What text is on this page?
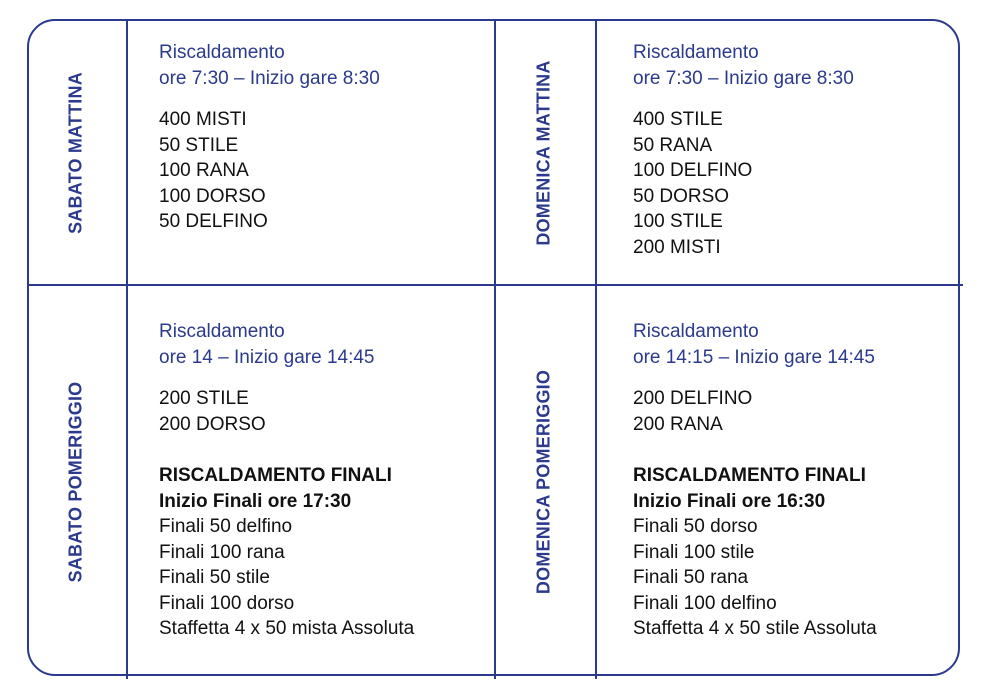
SABATO MATTINA	DOMENICA MATTINA
SABATO POMERIGGIO	DOMENICA POMERIGGIO
Riscaldamento
ore 7:30 – Inizio gare 8:30
400 MISTI
50 STILE
100 RANA
100 DORSO
50 DELFINO
Riscaldamento
ore 7:30 – Inizio gare 8:30
400 STILE
50 RANA
100 DELFINO
50 DORSO
100 STILE
200 MISTI
Riscaldamento
ore 14 – Inizio gare 14:45
200 STILE
200 DORSO
RISCALDAMENTO FINALI
Inizio Finali ore 17:30
Finali 50 delfino
Finali 100 rana
Finali 50 stile
Finali 100 dorso
Staffetta 4 x 50 mista Assoluta
Riscaldamento
ore 14:15 – Inizio gare 14:45
200 DELFINO
200 RANA
RISCALDAMENTO FINALI
Inizio Finali ore 16:30
Finali 50 dorso
Finali 100 stile
Finali 50 rana
Finali 100 delfino
Staffetta 4 x 50 stile Assoluta
